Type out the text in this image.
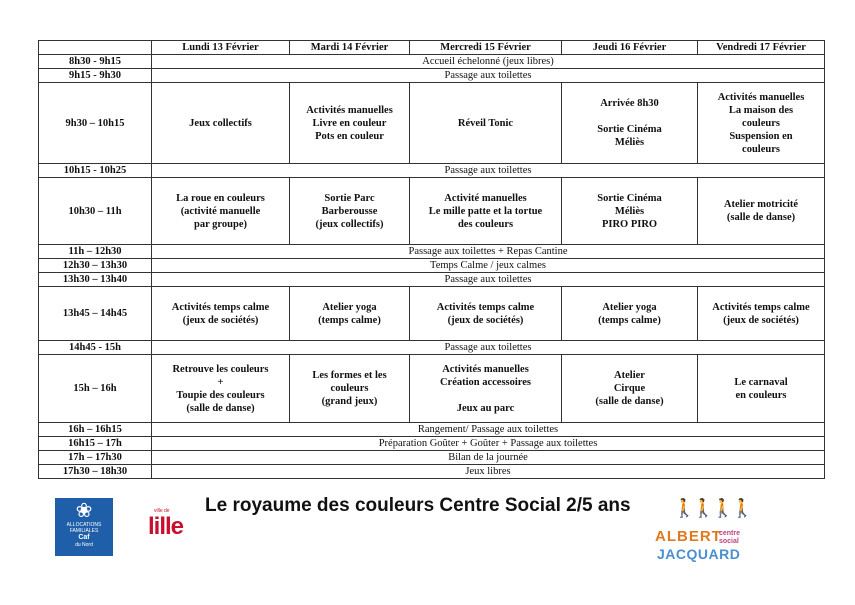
	Lundi 13 Février	Mardi 14 Février	Mercredi 15 Février	Jeudi 16 Février	Vendredi 17 Février
8h30 - 9h15	Accueil échelonné (jeux libres)				
9h15 - 9h30	Passage aux toilettes				
9h30 – 10h15	Jeux collectifs	Activités manuelles
Livre en couleur
Pots en couleur	Réveil Tonic	Arrivée 8h30

Sortie Cinéma
Méliès	Activités manuelles
La maison des
couleurs
Suspension en
couleurs
10h15 - 10h25	Passage aux toilettes				
10h30 – 11h	La roue en couleurs
(activité manuelle
par groupe)	Sortie Parc
Barberousse
(jeux collectifs)	Activité manuelles
Le mille patte et la tortue
des couleurs	Sortie Cinéma
Méliès
PIRO PIRO	Atelier motricité
(salle de danse)
11h – 12h30	Passage aux toilettes + Repas Cantine				
12h30 – 13h30	Temps Calme / jeux calmes				
13h30 – 13h40	Passage aux toilettes				
13h45 – 14h45	Activités temps calme
(jeux de sociétés)	Atelier yoga
(temps calme)	Activités temps calme
(jeux de sociétés)	Atelier yoga
(temps calme)	Activités temps calme
(jeux de sociétés)
14h45 - 15h	Passage aux toilettes				
15h – 16h	Retrouve les couleurs
+
Toupie des couleurs
(salle de danse)	Les formes et les
couleurs
(grand jeux)	Activités manuelles
Création accessoires

Jeux au parc	Atelier
Cirque
(salle de danse)	Le carnaval
en couleurs
16h – 16h15	Rangement/ Passage aux toilettes				
16h15 – 17h	Préparation Goûter + Goûter + Passage aux toilettes				
17h – 17h30	Bilan de la journée				
17h30 – 18h30	Jeux libres				
❀
ALLOCATIONS FAMILIALES
Caf
du Nord
ville de
lille
Le royaume des couleurs Centre Social 2/5 ans 🚶🚶🚶🚶
ALBERT
centre
social
JACQUARD
